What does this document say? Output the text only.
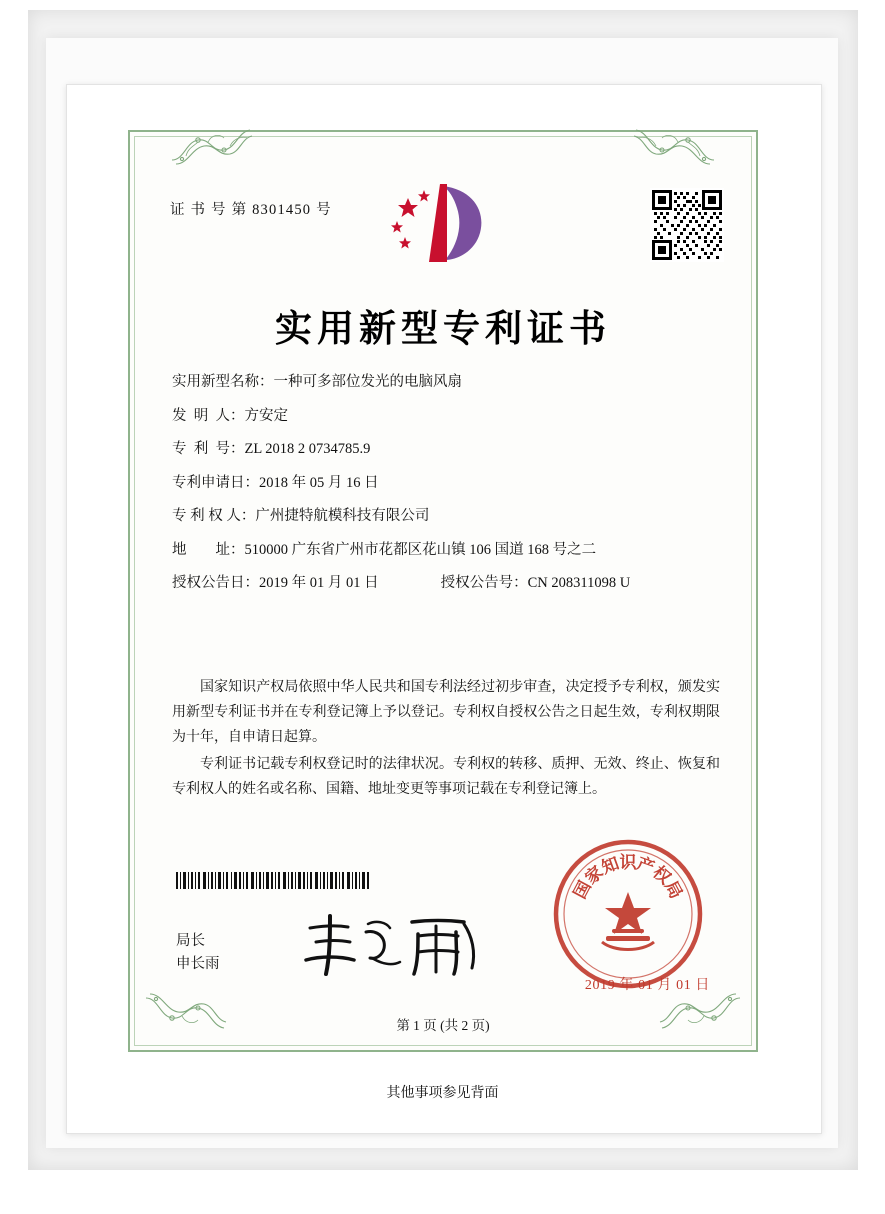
证 书 号 第 8301450 号
实用新型专利证书
实用新型名称： 一种可多部位发光的电脑风扇
发  明  人： 方安定
专  利  号： ZL 2018 2 0734785.9
专利申请日： 2018 年 05 月 16 日
专 利 权 人： 广州捷特航模科技有限公司
地        址： 510000 广东省广州市花都区花山镇 106 国道 168 号之二
授权公告日： 2019 年 01 月 01 日	授权公告号： CN 208311098 U

国家知识产权局依照中华人民共和国专利法经过初步审查，决定授予专利权，颁发实用新型专利证书并在专利登记簿上予以登记。专利权自授权公告之日起生效，专利权期限为十年，自申请日起算。

专利证书记载专利权登记时的法律状况。专利权的转移、质押、无效、终止、恢复和专利权人的姓名或名称、国籍、地址变更等事项记载在专利登记簿上。

局长
申长雨
国
家
知
识
产
权
局
2019 年 01 月 01 日
第 1 页 (共 2 页)
其他事项参见背面
